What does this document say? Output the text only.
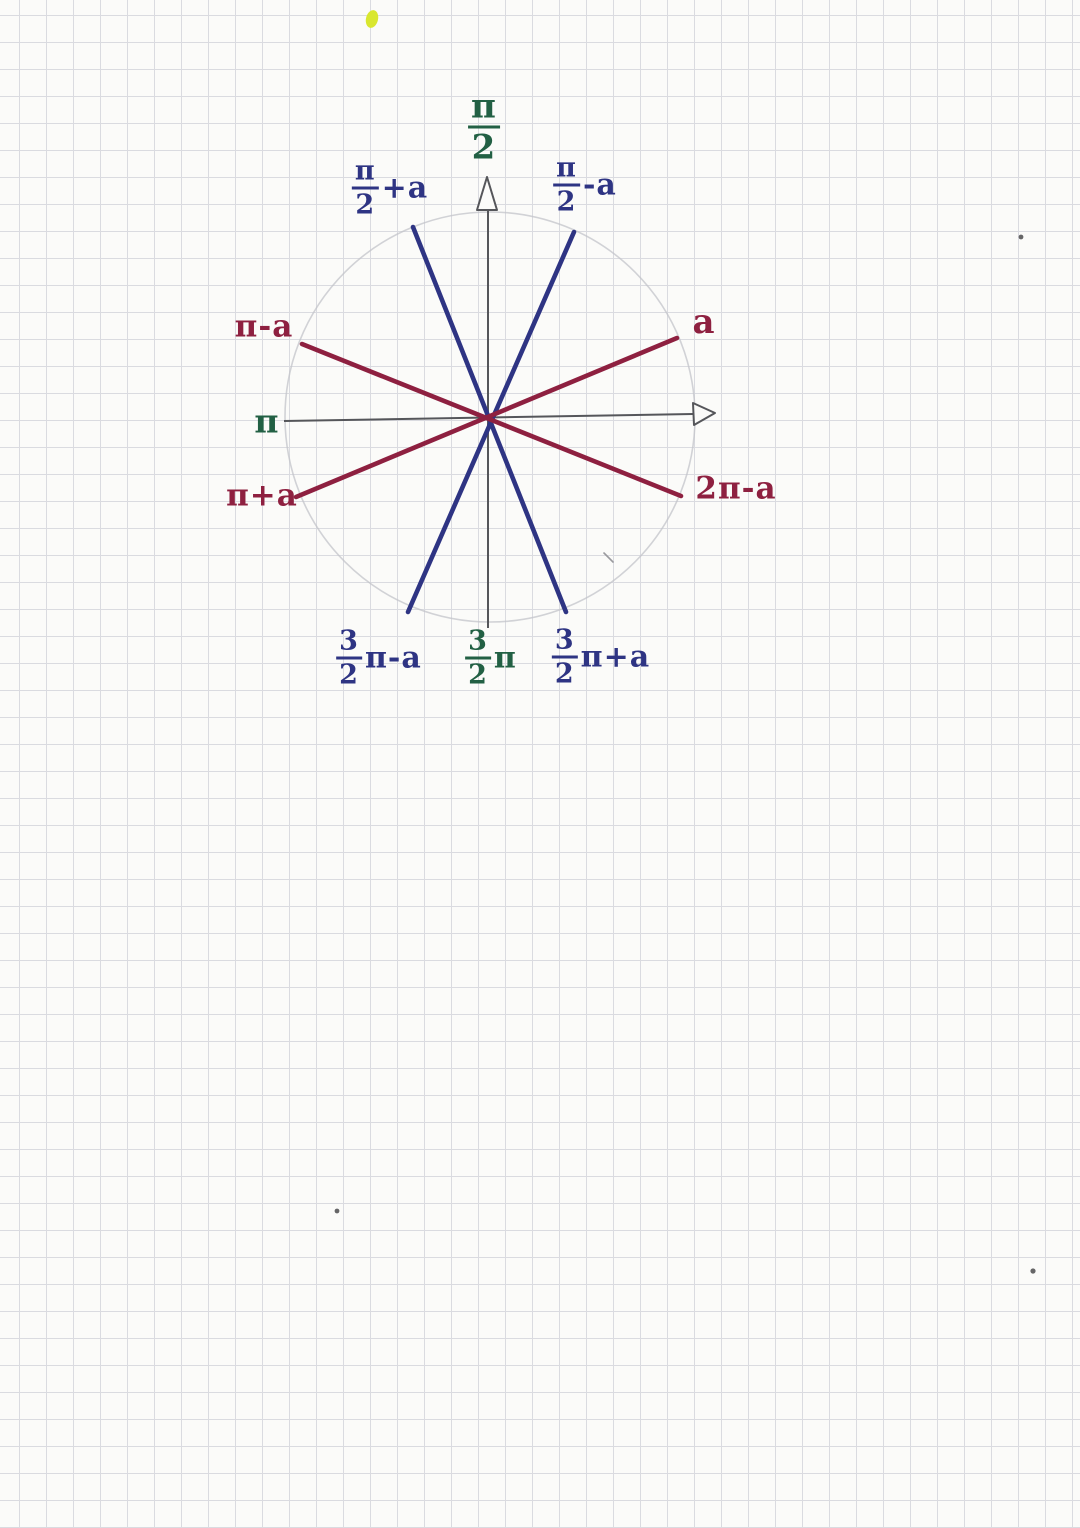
$\frac{\pi}{2}$
$\frac{\pi}{2} +a$	$\frac{\pi}{2} -a$
π-a
π
π+a
a
2π-a
$\frac{3}{2} \pi-a \frac{3}{2}$ π $\frac{3}{2} \pi+a$
